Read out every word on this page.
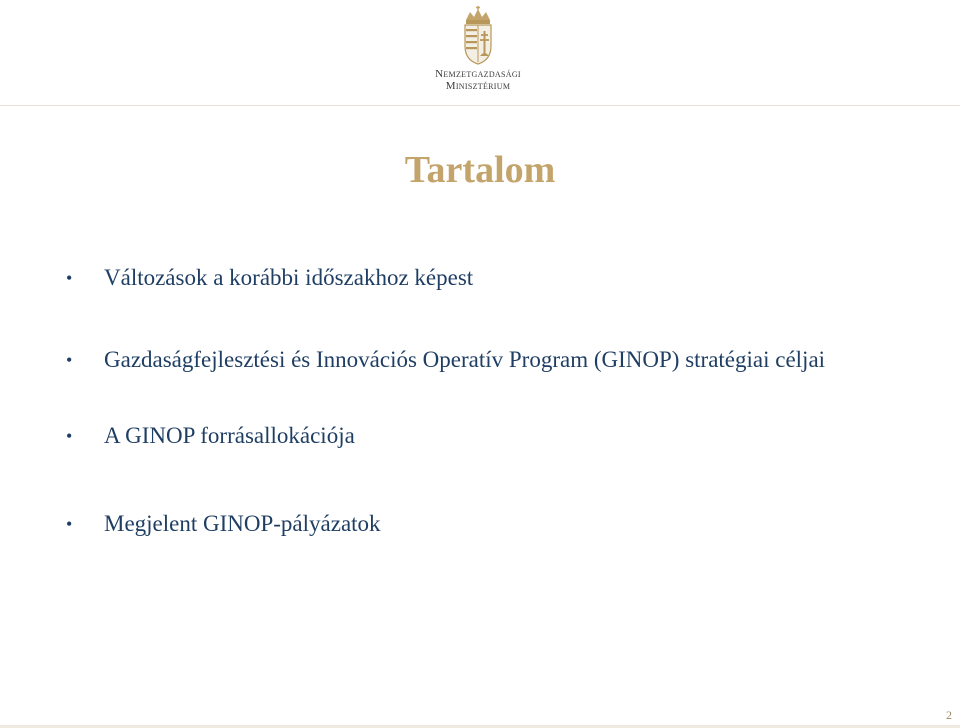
Nemzetgazdasági
Minisztérium
Tartalom
• Változások a korábbi időszakhoz képest
• Gazdaságfejlesztési és Innovációs Operatív Program (GINOP) stratégiai céljai
• A GINOP forrásallokációja
• Megjelent GINOP-pályázatok
2
